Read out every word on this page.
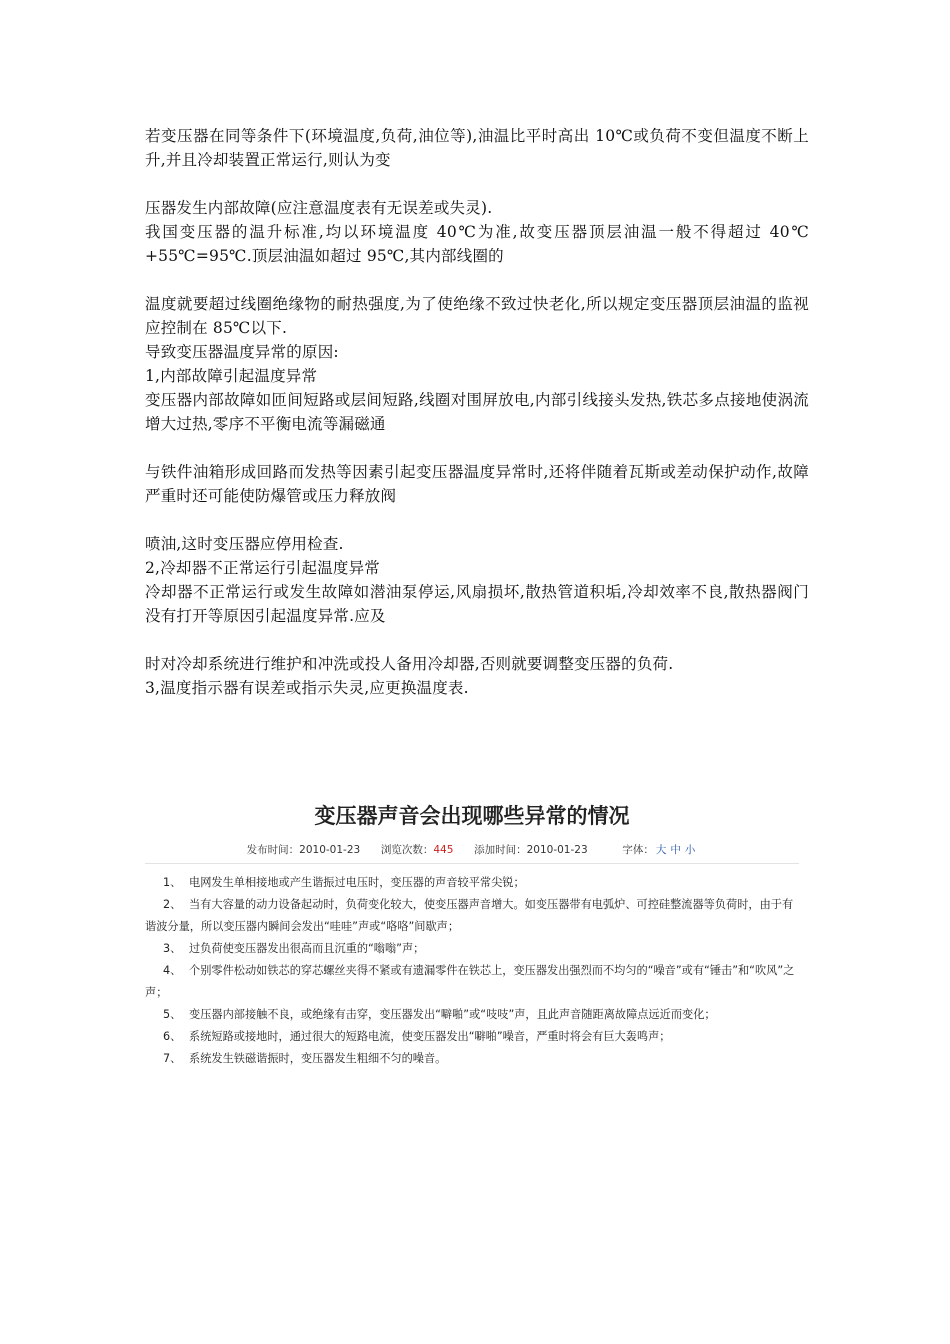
若变压器在同等条件下(环境温度,负荷,油位等),油温比平时高出 10℃或负荷不变但温度不断上升,并且冷却装置正常运行,则认为变

压器发生内部故障(应注意温度表有无误差或失灵).

我国变压器的温升标准,均以环境温度 40℃为准,故变压器顶层油温一般不得超过 40℃+55℃=95℃.顶层油温如超过 95℃,其内部线圈的

温度就要超过线圈绝缘物的耐热强度,为了使绝缘不致过快老化,所以规定变压器顶层油温的监视应控制在 85℃以下.

导致变压器温度异常的原因:

1,内部故障引起温度异常

变压器内部故障如匝间短路或层间短路,线圈对围屏放电,内部引线接头发热,铁芯多点接地使涡流增大过热,零序不平衡电流等漏磁通

与铁件油箱形成回路而发热等因素引起变压器温度异常时,还将伴随着瓦斯或差动保护动作,故障严重时还可能使防爆管或压力释放阀

喷油,这时变压器应停用检查.

2,冷却器不正常运行引起温度异常

冷却器不正常运行或发生故障如潜油泵停运,风扇损坏,散热管道积垢,冷却效率不良,散热器阀门没有打开等原因引起温度异常.应及

时对冷却系统进行维护和冲洗或投人备用冷却器,否则就要调整变压器的负荷.

3,温度指示器有误差或指示失灵,应更换温度表.

变压器声音会出现哪些异常的情况
发布时间：2010-01-23 浏览次数：445 添加时间：2010-01-23	字体： 大 中 小

1、 电网发生单相接地或产生谐振过电压时，变压器的声音较平常尖锐；

2、 当有大容量的动力设备起动时，负荷变化较大，使变压器声音增大。如变压器带有电弧炉、可控硅整流器等负荷时，由于有谐波分量，所以变压器内瞬间会发出“哇哇”声或“咯咯”间歇声；

3、 过负荷使变压器发出很高而且沉重的“嗡嗡”声；

4、 个别零件松动如铁芯的穿芯螺丝夹得不紧或有遗漏零件在铁芯上，变压器发出强烈而不均匀的“噪音”或有“锤击”和“吹风”之声；

5、 变压器内部接触不良，或绝缘有击穿，变压器发出“噼啪”或“吱吱”声，且此声音随距离故障点远近而变化；

6、 系统短路或接地时，通过很大的短路电流，使变压器发出“噼啪”噪音，严重时将会有巨大轰鸣声；

7、 系统发生铁磁谐振时，变压器发生粗细不匀的噪音。
